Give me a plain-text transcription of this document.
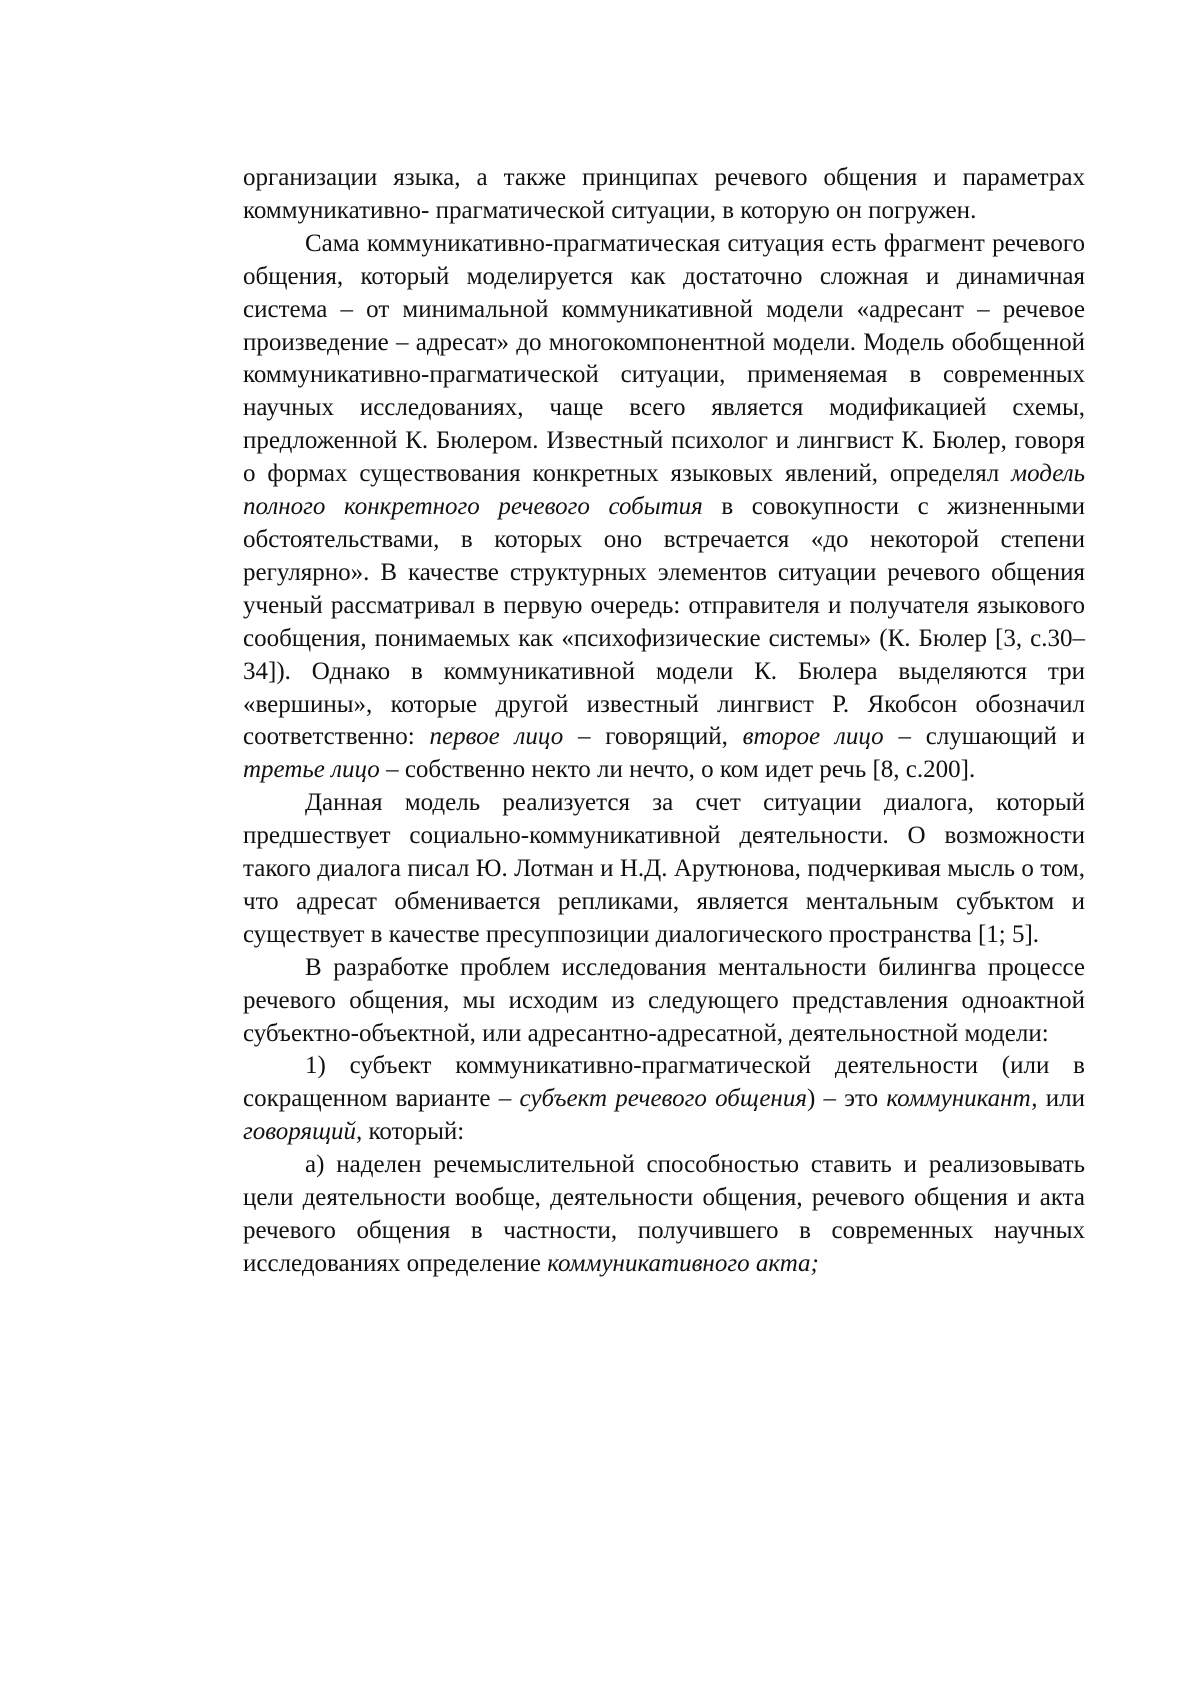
организации языка, а также принципах речевого общения и параметрах коммуникативно- прагматической ситуации, в которую он погружен.

Сама коммуникативно-прагматическая ситуация есть фрагмент речевого общения, который моделируется как достаточно сложная и динамичная система – от минимальной коммуникативной модели «адресант – речевое произведение – адресат» до многокомпонентной модели. Модель обобщенной коммуникативно-прагматической ситуации, применяемая в современных научных исследованиях, чаще всего является модификацией схемы, предложенной К. Бюлером. Известный психолог и лингвист К. Бюлер, говоря о формах существования конкретных языковых явлений, определял модель полного конкретного речевого события в совокупности с жизненными обстоятельствами, в которых оно встречается «до некоторой степени регулярно». В качестве структурных элементов ситуации речевого общения ученый рассматривал в первую очередь: отправителя и получателя языкового сообщения, понимаемых как «психофизические системы» (К. Бюлер [3, с.30–34]). Однако в коммуникативной модели К. Бюлера выделяются три «вершины», которые другой известный лингвист Р. Якобсон обозначил соответственно: первое лицо – говорящий, второе лицо – слушающий и третье лицо – собственно некто ли нечто, о ком идет речь [8, с.200].

Данная модель реализуется за счет ситуации диалога, который предшествует социально-коммуникативной деятельности. О возможности такого диалога писал Ю. Лотман и Н.Д. Арутюнова, подчеркивая мысль о том, что адресат обменивается репликами, является ментальным субъктом и существует в качестве пресуппозиции диалогического пространства [1; 5].

В разработке проблем исследования ментальности билингва процессе речевого общения, мы исходим из следующего представления одноактной субъектно-объектной, или адресантно-адресатной, деятельностной модели:

1) субъект коммуникативно-прагматической деятельности (или в сокращенном варианте – субъект речевого общения) – это коммуникант, или говорящий, который:

а) наделен речемыслительной способностью ставить и реализовывать цели деятельности вообще, деятельности общения, речевого общения и акта речевого общения в частности, получившего в современных научных исследованиях определение коммуникативного акта;
